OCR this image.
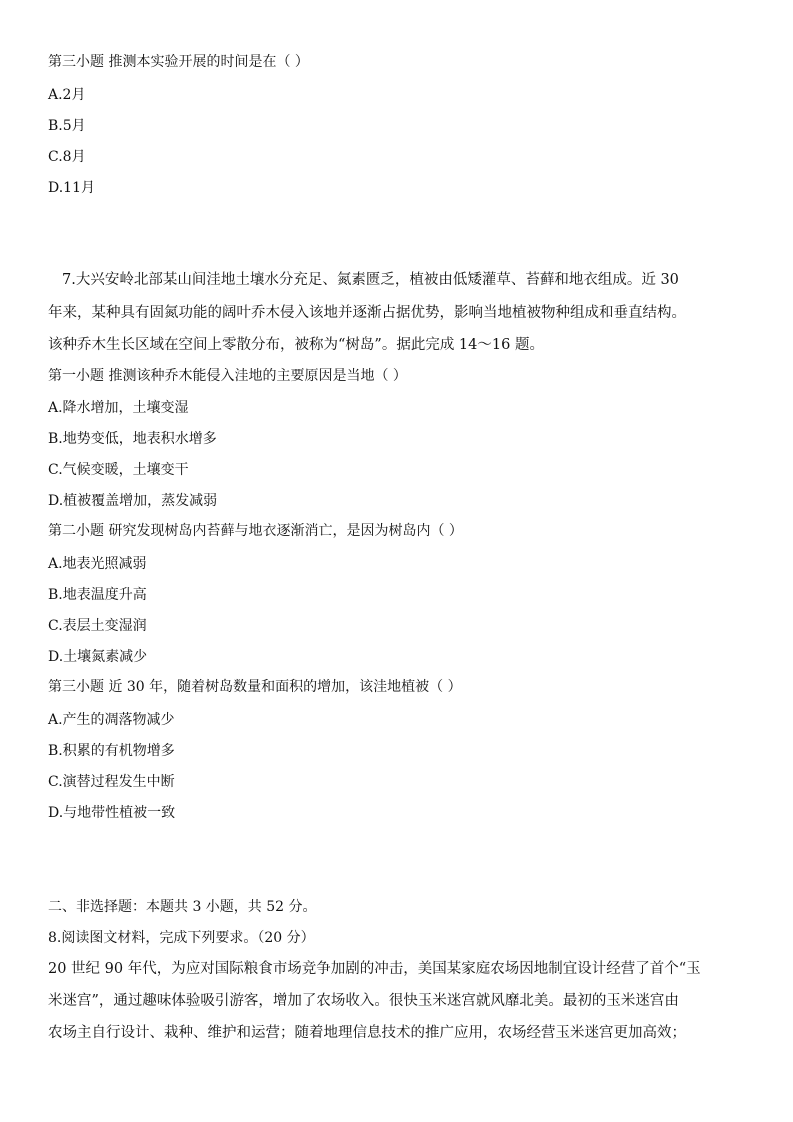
第三小题 推测本实验开展的时间是在（ ）
A.2月
B.5月
C.8月
D.11月
7.大兴安岭北部某山间洼地土壤水分充足、氮素匮乏，植被由低矮灌草、苔藓和地衣组成。近 30
年来，某种具有固氮功能的阔叶乔木侵入该地并逐渐占据优势，影响当地植被物种组成和垂直结构。
该种乔木生长区域在空间上零散分布，被称为“树岛”。据此完成 14～16 题。
第一小题 推测该种乔木能侵入洼地的主要原因是当地（ ）
A.降水增加，土壤变湿
B.地势变低，地表积水增多
C.气候变暖，土壤变干
D.植被覆盖增加，蒸发减弱
第二小题 研究发现树岛内苔藓与地衣逐渐消亡，是因为树岛内（ ）
A.地表光照减弱
B.地表温度升高
C.表层土变湿润
D.土壤氮素减少
第三小题 近 30 年，随着树岛数量和面积的增加，该洼地植被（ ）
A.产生的凋落物减少
B.积累的有机物增多
C.演替过程发生中断
D.与地带性植被一致
二、非选择题：本题共 3 小题，共 52 分。
8.阅读图文材料，完成下列要求。（20 分）
20 世纪 90 年代，为应对国际粮食市场竞争加剧的冲击，美国某家庭农场因地制宜设计经营了首个“玉
米迷宫”，通过趣味体验吸引游客，增加了农场收入。很快玉米迷宫就风靡北美。最初的玉米迷宫由
农场主自行设计、栽种、维护和运营；随着地理信息技术的推广应用，农场经营玉米迷宫更加高效；
